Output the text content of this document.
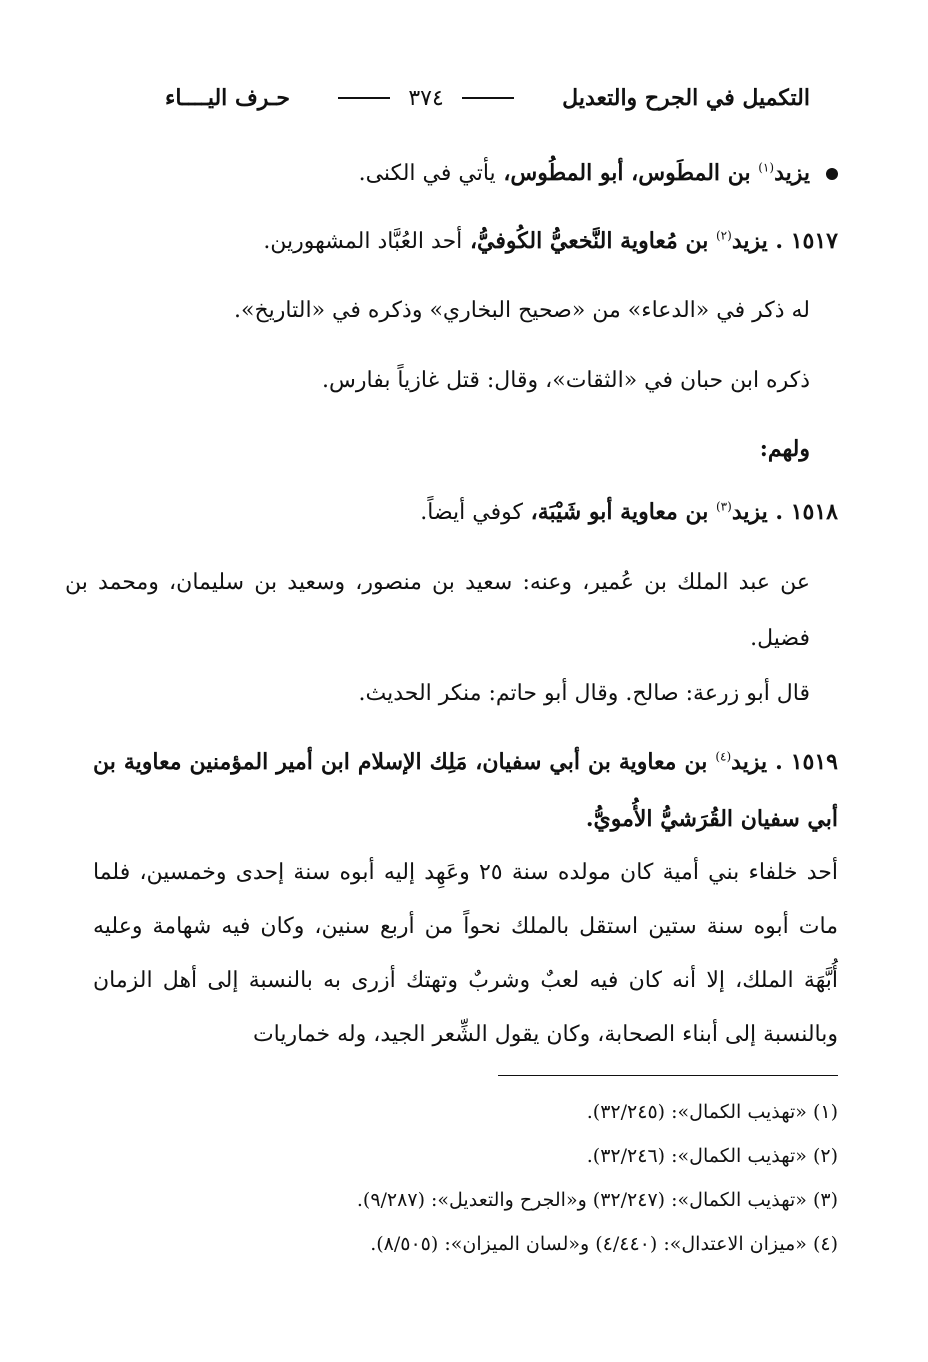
التكميل في الجرح والتعديل
٣٧٤
حـرف اليــــاء
يزيد$^{(١)}$ بن المطَوس، أبو المطُوس، يأتي في الكنى.
١٥١٧ . يزيد$^{(٢)}$ بن مُعاوية النَّخعيُّ الكُوفيُّ، أحد العُبَّاد المشهورين.
له ذكر في «الدعاء» من «صحيح البخاري» وذكره في «التاريخ».
ذكره ابن حبان في «الثقات»، وقال: قتل غازياً بفارس.
ولهم:
١٥١٨ . يزيد$^{(٣)}$ بن معاوية أبو شَيْبَة، كوفي أيضاً.
عن عبد الملك بن عُمير، وعنه: سعيد بن منصور، وسعيد بن سليمان، ومحمد بن فضيل.
قال أبو زرعة: صالح. وقال أبو حاتم: منكر الحديث.
١٥١٩ . يزيد$^{(٤)}$ بن معاوية بن أبي سفيان، مَلِك الإسلام ابن أمير المؤمنين معاوية بن أبي سفيان القُرَشيُّ الأُمويُّ.
أحد خلفاء بني أمية كان مولده سنة ٢٥ وعَهِد إليه أبوه سنة إحدى وخمسين، فلما مات أبوه سنة ستين استقل بالملك نحواً من أربع سنين، وكان فيه شهامة وعليه أُبَّهَة الملك، إلا أنه كان فيه لعبٌ وشربٌ وتهتك أزرى به بالنسبة إلى أهل الزمان وبالنسبة إلى أبناء الصحابة، وكان يقول الشِّعر الجيد، وله خماريات
(١) «تهذيب الكمال»: (٣٢/٢٤٥).
(٢) «تهذيب الكمال»: (٣٢/٢٤٦).
(٣) «تهذيب الكمال»: (٣٢/٢٤٧) و«الجرح والتعديل»: (٩/٢٨٧).
(٤) «ميزان الاعتدال»: (٤/٤٤٠) و«لسان الميزان»: (٨/٥٠٥).
